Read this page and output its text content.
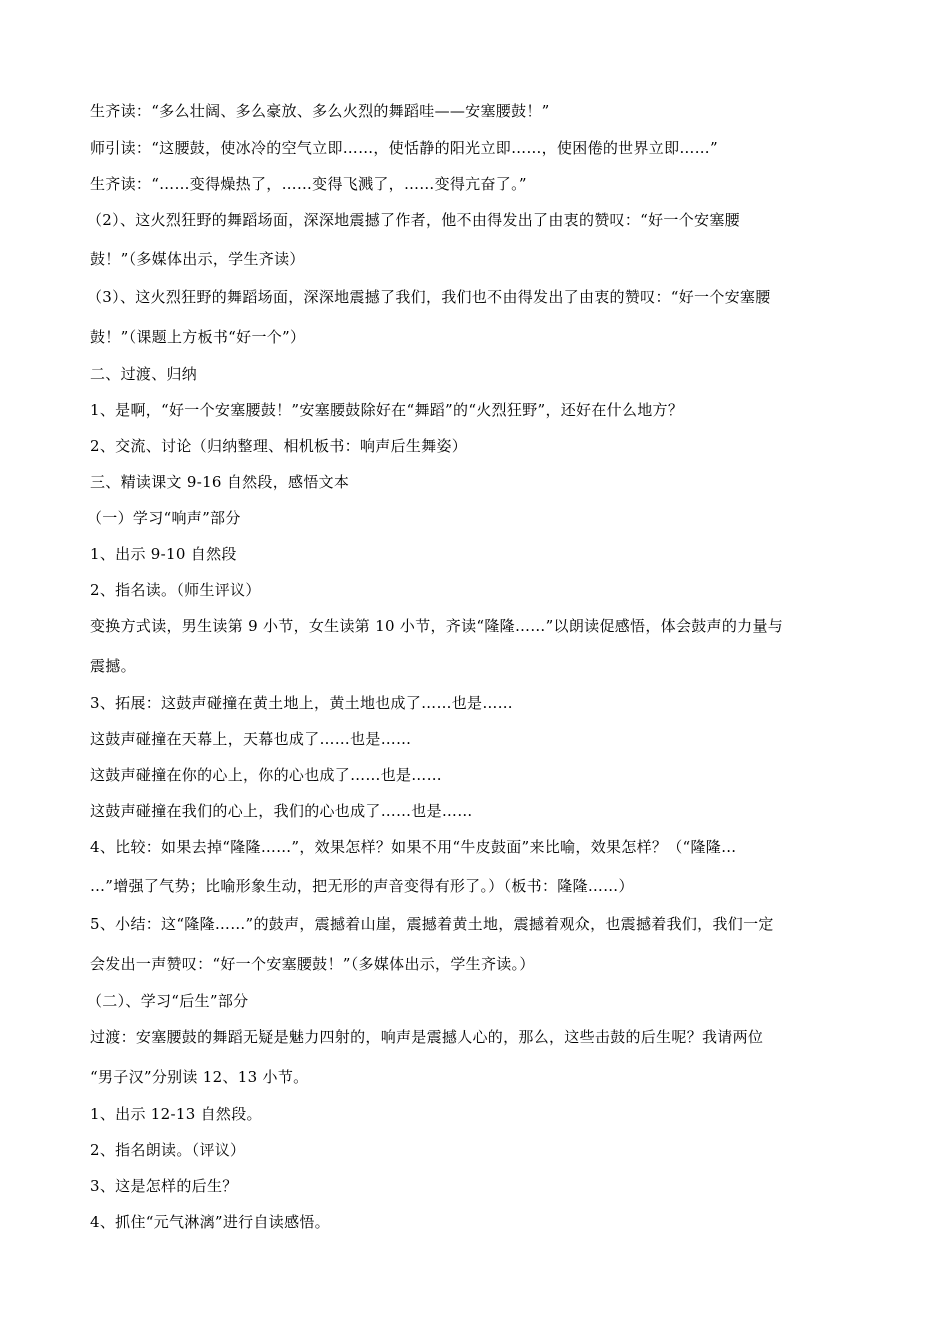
生齐读：“多么壮阔、多么豪放、多么火烈的舞蹈哇——安塞腰鼓！”
师引读：“这腰鼓，使冰冷的空气立即……，使恬静的阳光立即……，使困倦的世界立即……”
生齐读：“……变得燥热了，……变得飞溅了，……变得亢奋了。”
（2）、这火烈狂野的舞蹈场面，深深地震撼了作者，他不由得发出了由衷的赞叹：“好一个安塞腰
鼓！”（多媒体出示，学生齐读）
（3）、这火烈狂野的舞蹈场面，深深地震撼了我们，我们也不由得发出了由衷的赞叹：“好一个安塞腰
鼓！”（课题上方板书“好一个”）
二、过渡、归纳
1、是啊，“好一个安塞腰鼓！”安塞腰鼓除好在“舞蹈”的“火烈狂野”，还好在什么地方？
2、交流、讨论（归纳整理、相机板书：响声后生舞姿）
三、精读课文 9-16 自然段，感悟文本
（一）学习“响声”部分
1、出示 9-10 自然段
2、指名读。（师生评议）
变换方式读，男生读第 9 小节，女生读第 10 小节，齐读“隆隆……”以朗读促感悟，体会鼓声的力量与
震撼。
3、拓展：这鼓声碰撞在黄土地上，黄土地也成了……也是……
这鼓声碰撞在天幕上，天幕也成了……也是……
这鼓声碰撞在你的心上，你的心也成了……也是……
这鼓声碰撞在我们的心上，我们的心也成了……也是……
4、比较：如果去掉“隆隆……”，效果怎样？如果不用“牛皮鼓面”来比喻，效果怎样？（“隆隆…
…”增强了气势；比喻形象生动，把无形的声音变得有形了。）（板书：隆隆……）
5、小结：这“隆隆……”的鼓声，震撼着山崖，震撼着黄土地，震撼着观众，也震撼着我们，我们一定
会发出一声赞叹：“好一个安塞腰鼓！”（多媒体出示，学生齐读。）
（二）、学习“后生”部分
过渡：安塞腰鼓的舞蹈无疑是魅力四射的，响声是震撼人心的，那么，这些击鼓的后生呢？我请两位
“男子汉”分别读 12、13 小节。
1、出示 12-13 自然段。
2、指名朗读。（评议）
3、这是怎样的后生？
4、抓住“元气淋漓”进行自读感悟。
